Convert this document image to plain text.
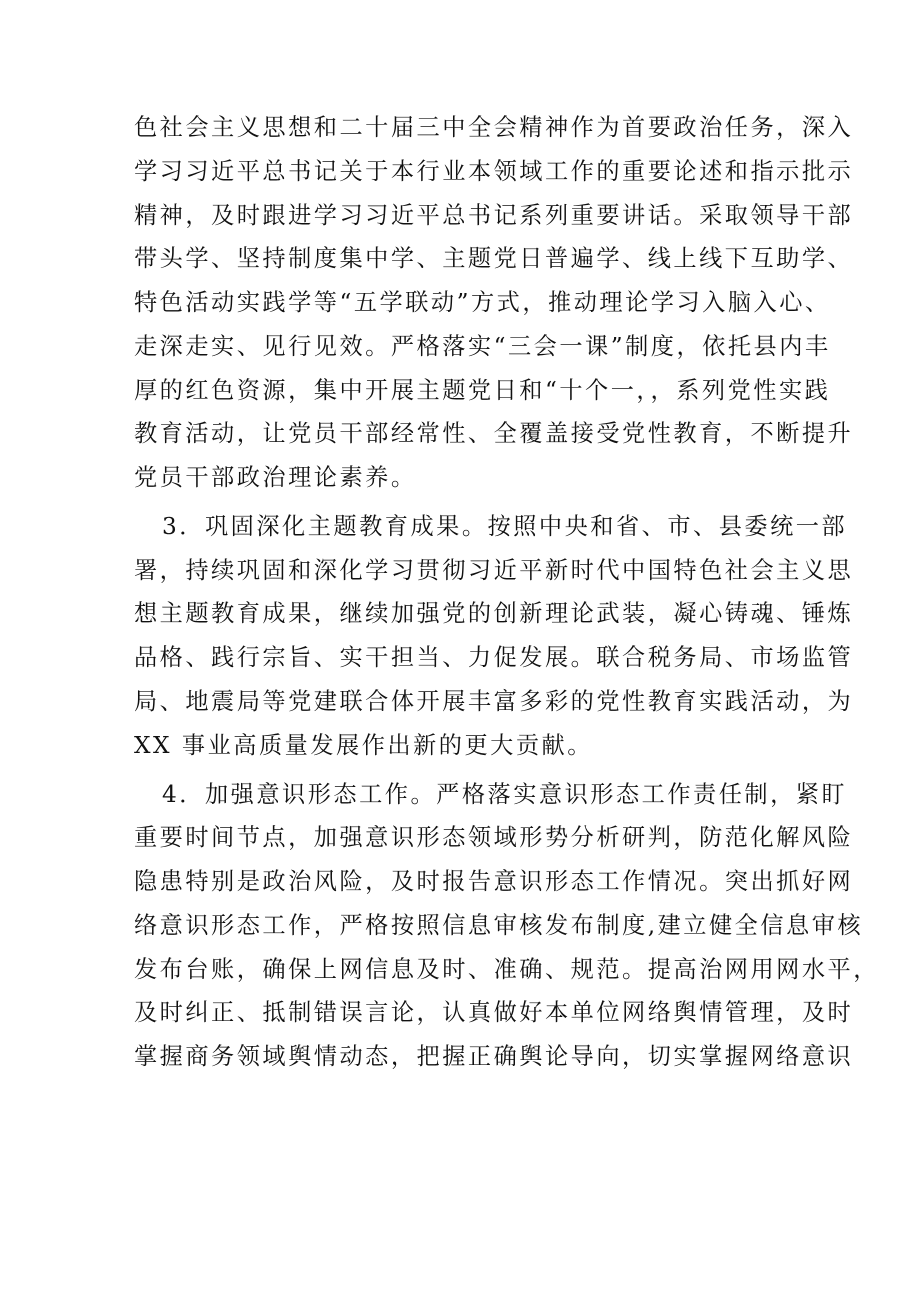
色社会主义思想和二十届三中全会精神作为首要政治任务，深入
学习习近平总书记关于本行业本领域工作的重要论述和指示批示
精神，及时跟进学习习近平总书记系列重要讲话。采取领导干部
带头学、坚持制度集中学、主题党日普遍学、线上线下互助学、
特色活动实践学等“五学联动”方式，推动理论学习入脑入心、
走深走实、见行见效。严格落实“三会一课”制度，依托县内丰
厚的红色资源，集中开展主题党日和“十个一，，系列党性实践
教育活动，让党员干部经常性、全覆盖接受党性教育，不断提升
党员干部政治理论素养。
3．巩固深化主题教育成果。按照中央和省、市、县委统一部
署，持续巩固和深化学习贯彻习近平新时代中国特色社会主义思
想主题教育成果，继续加强党的创新理论武装，凝心铸魂、锤炼
品格、践行宗旨、实干担当、力促发展。联合税务局、市场监管
局、地震局等党建联合体开展丰富多彩的党性教育实践活动，为
XX 事业高质量发展作出新的更大贡献。
4．加强意识形态工作。严格落实意识形态工作责任制，紧盯
重要时间节点，加强意识形态领域形势分析研判，防范化解风险
隐患特别是政治风险，及时报告意识形态工作情况。突出抓好网
络意识形态工作，严格按照信息审核发布制度,建立健全信息审核
发布台账，确保上网信息及时、准确、规范。提高治网用网水平，
及时纠正、抵制错误言论，认真做好本单位网络舆情管理，及时
掌握商务领域舆情动态，把握正确舆论导向，切实掌握网络意识
